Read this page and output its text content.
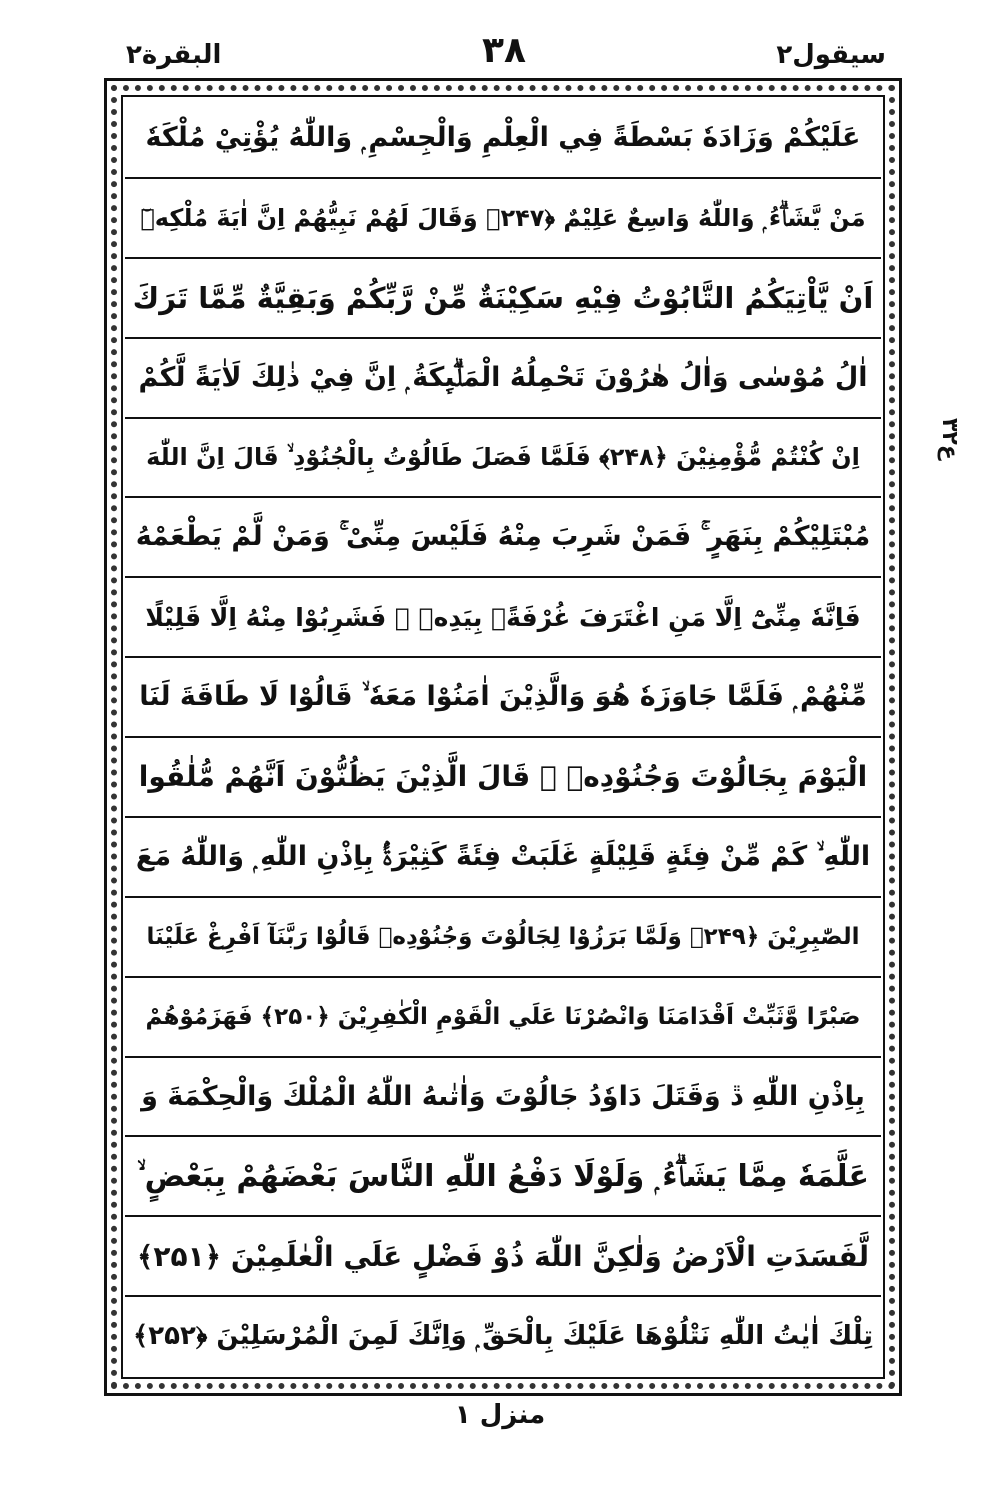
البقرة٢	٣٨	سیقول٢
ع٣٢
عَلَيْكُمْ وَزَادَهٗ بَسْطَةً فِي الْعِلْمِ وَالْجِسْمِ ۭ وَاللّٰهُ يُؤْتِيْ مُلْكَهٗ
مَنْ يَّشَاۗءُ ۭ وَاللّٰهُ وَاسِعٌ عَلِيْمٌ ﴿۲۴۷﴾ وَقَالَ لَهُمْ نَبِيُّهُمْ اِنَّ اٰيَةَ مُلْكِهٖٓ
اَنْ يَّاْتِيَكُمُ التَّابُوْتُ فِيْهِ سَكِيْنَةٌ مِّنْ رَّبِّكُمْ وَبَقِيَّةٌ مِّمَّا تَرَكَ
اٰلُ مُوْسٰى وَاٰلُ هٰرُوْنَ تَحْمِلُهُ الْمَلٰۗىِٕكَةُ ۭ اِنَّ فِيْ ذٰلِكَ لَاٰيَةً لَّكُمْ
اِنْ كُنْتُمْ مُّؤْمِنِيْنَ ﴿۲۴۸﴾ فَلَمَّا فَصَلَ طَالُوْتُ بِالْجُنُوْدِ ۙ قَالَ اِنَّ اللّٰهَ
مُبْتَلِيْكُمْ بِنَهَرٍ ۚ فَمَنْ شَرِبَ مِنْهُ فَلَيْسَ مِنِّىْ ۚ وَمَنْ لَّمْ يَطْعَمْهُ
فَاِنَّهٗ مِنِّىْٓ اِلَّا مَنِ اغْتَرَفَ غُرْفَةًۢ بِيَدِهٖ ۚ فَشَرِبُوْا مِنْهُ اِلَّا قَلِيْلًا
مِّنْهُمْ ۭ فَلَمَّا جَاوَزَهٗ هُوَ وَالَّذِيْنَ اٰمَنُوْا مَعَهٗ ۙ قَالُوْا لَا طَاقَةَ لَنَا
الْيَوْمَ بِجَالُوْتَ وَجُنُوْدِهٖ ۭ قَالَ الَّذِيْنَ يَظُنُّوْنَ اَنَّهُمْ مُّلٰقُوا
اللّٰهِ ۙ كَمْ مِّنْ فِئَةٍ قَلِيْلَةٍ غَلَبَتْ فِئَةً كَثِيْرَةًۢ بِاِذْنِ اللّٰهِ ۭ وَاللّٰهُ مَعَ
الصّٰبِرِيْنَ ﴿۲۴۹﴾ وَلَمَّا بَرَزُوْا لِجَالُوْتَ وَجُنُوْدِهٖ قَالُوْا رَبَّنَآ اَفْرِغْ عَلَيْنَا
صَبْرًا وَّثَبِّتْ اَقْدَامَنَا وَانْصُرْنَا عَلَي الْقَوْمِ الْكٰفِرِيْنَ ﴿۲۵۰﴾ فَهَزَمُوْهُمْ
بِاِذْنِ اللّٰهِ ڐ وَقَتَلَ دَاوٗدُ جَالُوْتَ وَاٰتٰىهُ اللّٰهُ الْمُلْكَ وَالْحِكْمَةَ وَ
عَلَّمَهٗ مِمَّا يَشَاۗءُ ۭ وَلَوْلَا دَفْعُ اللّٰهِ النَّاسَ بَعْضَهُمْ بِبَعْضٍ ۙ
لَّفَسَدَتِ الْاَرْضُ وَلٰكِنَّ اللّٰهَ ذُوْ فَضْلٍ عَلَي الْعٰلَمِيْنَ ﴿۲۵۱﴾
تِلْكَ اٰيٰتُ اللّٰهِ نَتْلُوْھَا عَلَيْكَ بِالْحَقِّ ۭ وَاِنَّكَ لَمِنَ الْمُرْسَلِيْنَ ﴿۲۵۲﴾
منزل ١
